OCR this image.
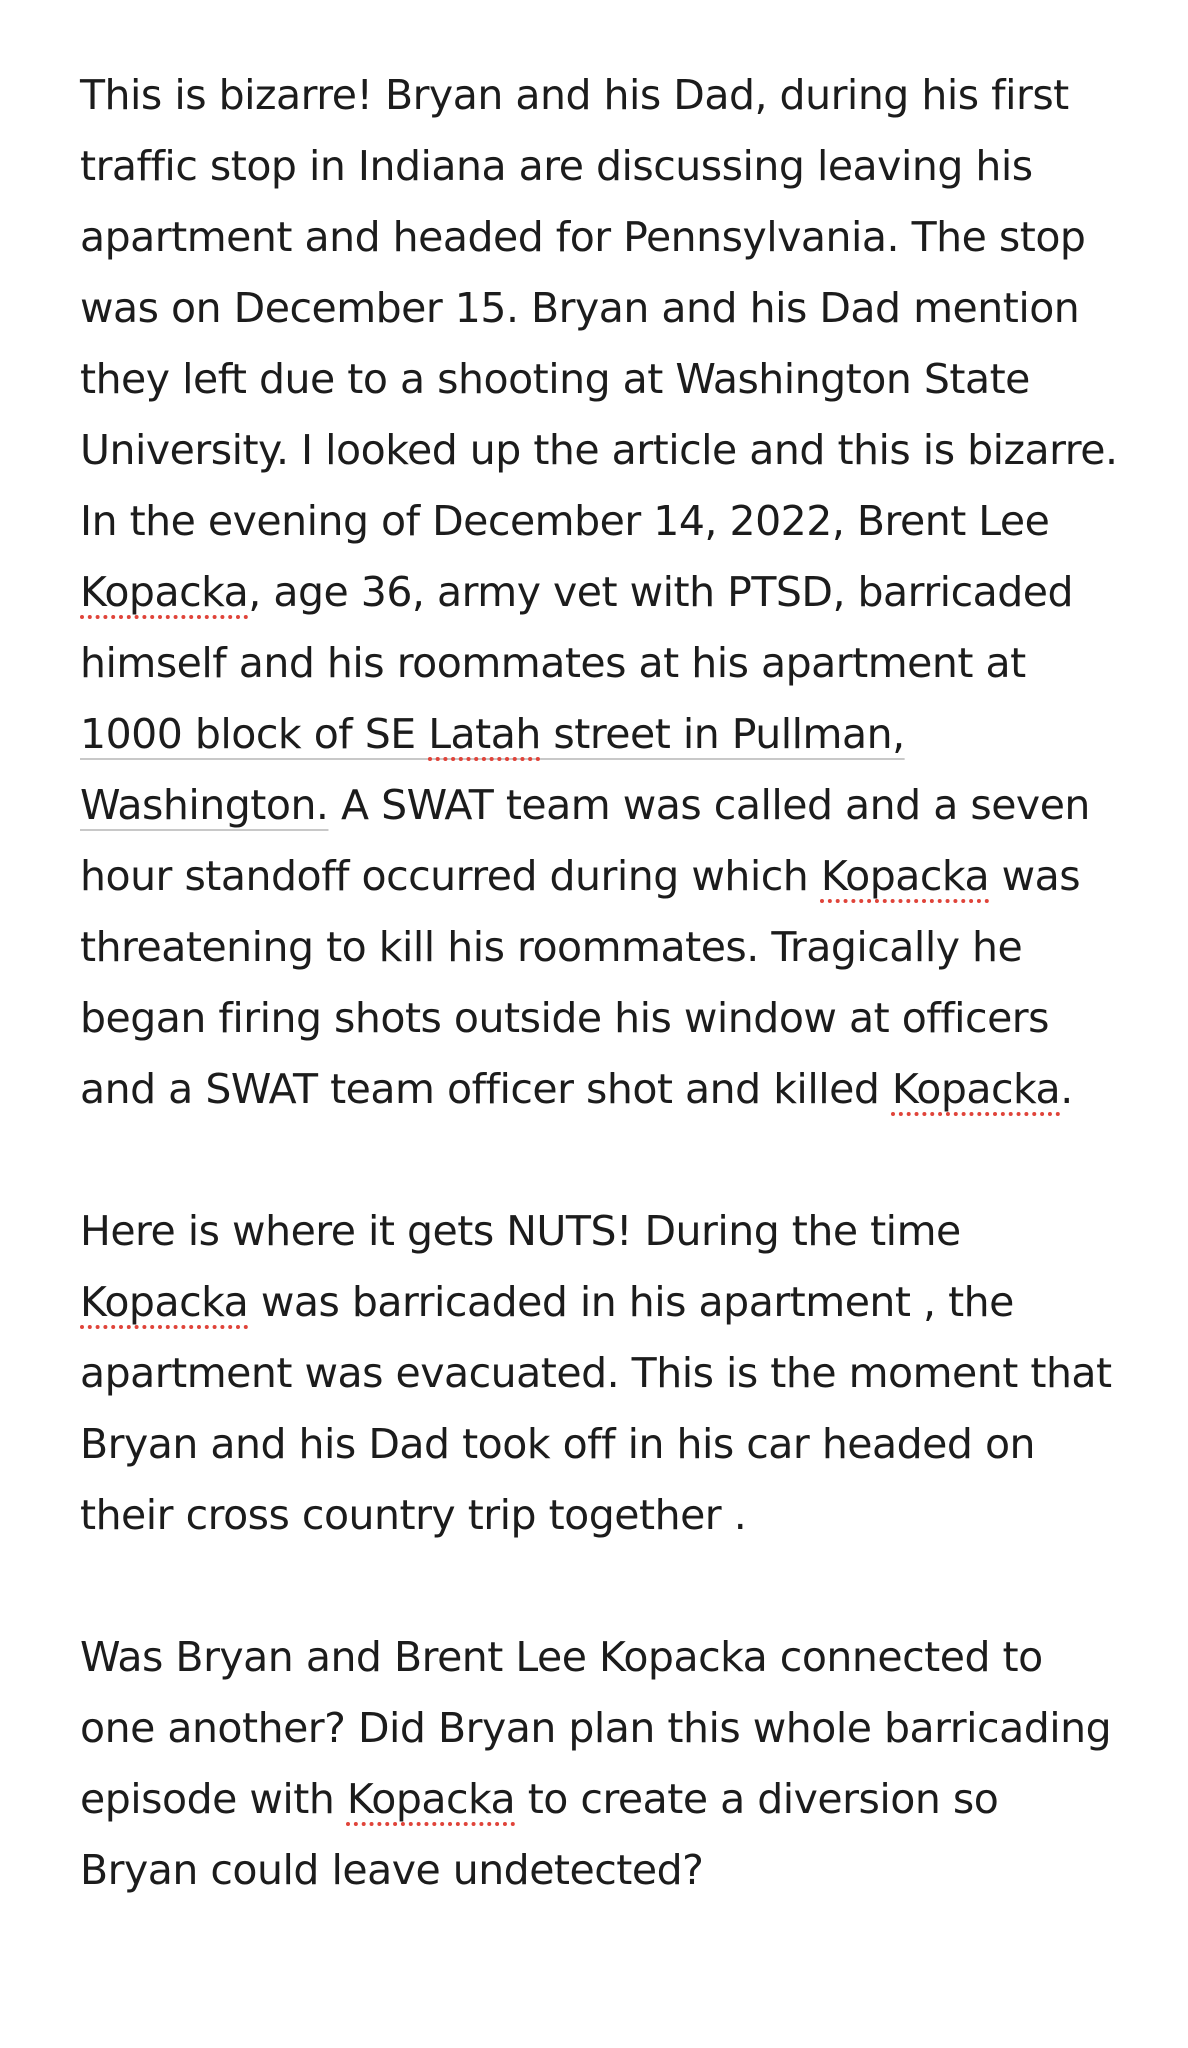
This is bizarre! Bryan and his Dad, during his first traffic stop in Indiana are discussing leaving his apartment and headed for Pennsylvania. The stop was on December 15. Bryan and his Dad mention they left due to a shooting at Washington State University. I looked up the article and this is bizarre. In the evening of December 14, 2022, Brent Lee Kopacka, age 36, army vet with PTSD, barricaded himself and his roommates at his apartment at 1000 block of SE Latah street in Pullman, Washington. A SWAT team was called and a seven hour standoff occurred during which Kopacka was threatening to kill his roommates. Tragically he began firing shots outside his window at officers and a SWAT team officer shot and killed Kopacka.

Here is where it gets NUTS! During the time Kopacka was barricaded in his apartment , the apartment was evacuated. This is the moment that Bryan and his Dad took off in his car headed on their cross country trip together .

Was Bryan and Brent Lee Kopacka connected to one another? Did Bryan plan this whole barricading episode with Kopacka to create a diversion so Bryan could leave undetected?
